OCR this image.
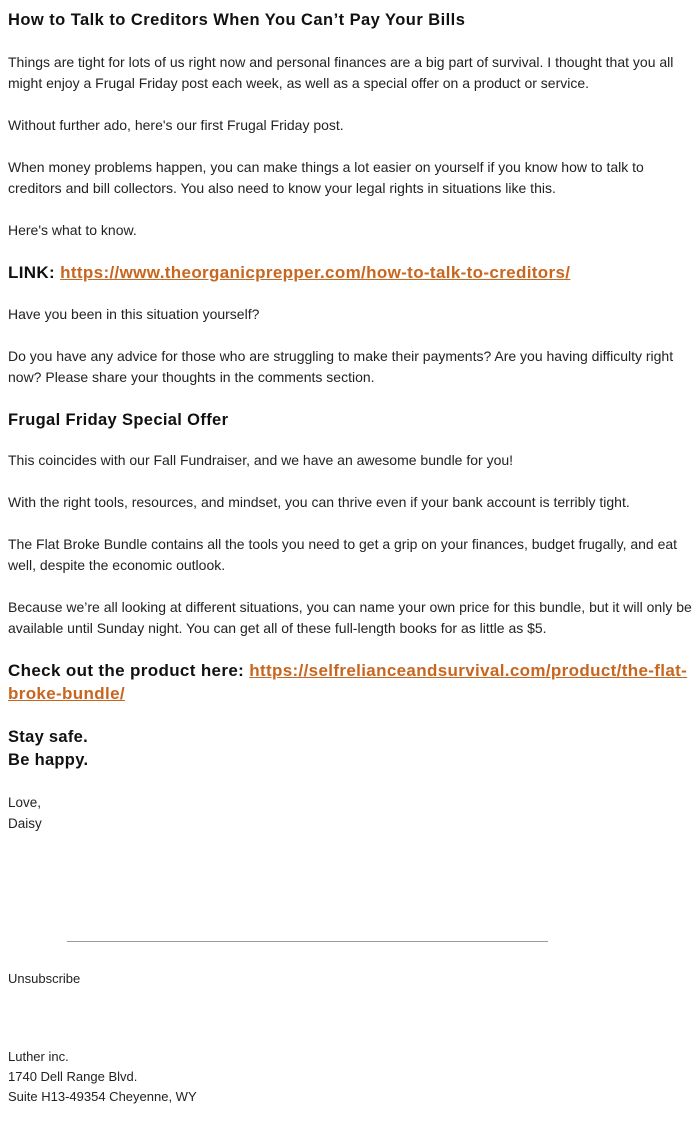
How to Talk to Creditors When You Can’t Pay Your Bills

Things are tight for lots of us right now and personal finances are a big part of survival. I thought that you all might enjoy a Frugal Friday post each week, as well as a special offer on a product or service.

Without further ado, here's our first Frugal Friday post.

When money problems happen, you can make things a lot easier on yourself if you know how to talk to creditors and bill collectors. You also need to know your legal rights in situations like this.

Here's what to know.

LINK: https://www.theorganicprepper.com/how-to-talk-to-creditors/

Have you been in this situation yourself?

Do you have any advice for those who are struggling to make their payments? Are you having difficulty right now? Please share your thoughts in the comments section.

Frugal Friday Special Offer

This coincides with our Fall Fundraiser, and we have an awesome bundle for you!

With the right tools, resources, and mindset, you can thrive even if your bank account is terribly tight.

The Flat Broke Bundle contains all the tools you need to get a grip on your finances, budget frugally, and eat well, despite the economic outlook.

Because we’re all looking at different situations, you can name your own price for this bundle, but it will only be available until Sunday night. You can get all of these full-length books for as little as $5.

Check out the product here: https://selfrelianceandsurvival.com/product/the-flat-broke-bundle/

Stay safe.

Be happy.

Love,

Daisy

Unsubscribe
Luther inc.
1740 Dell Range Blvd.
Suite H13-49354 Cheyenne, WY
